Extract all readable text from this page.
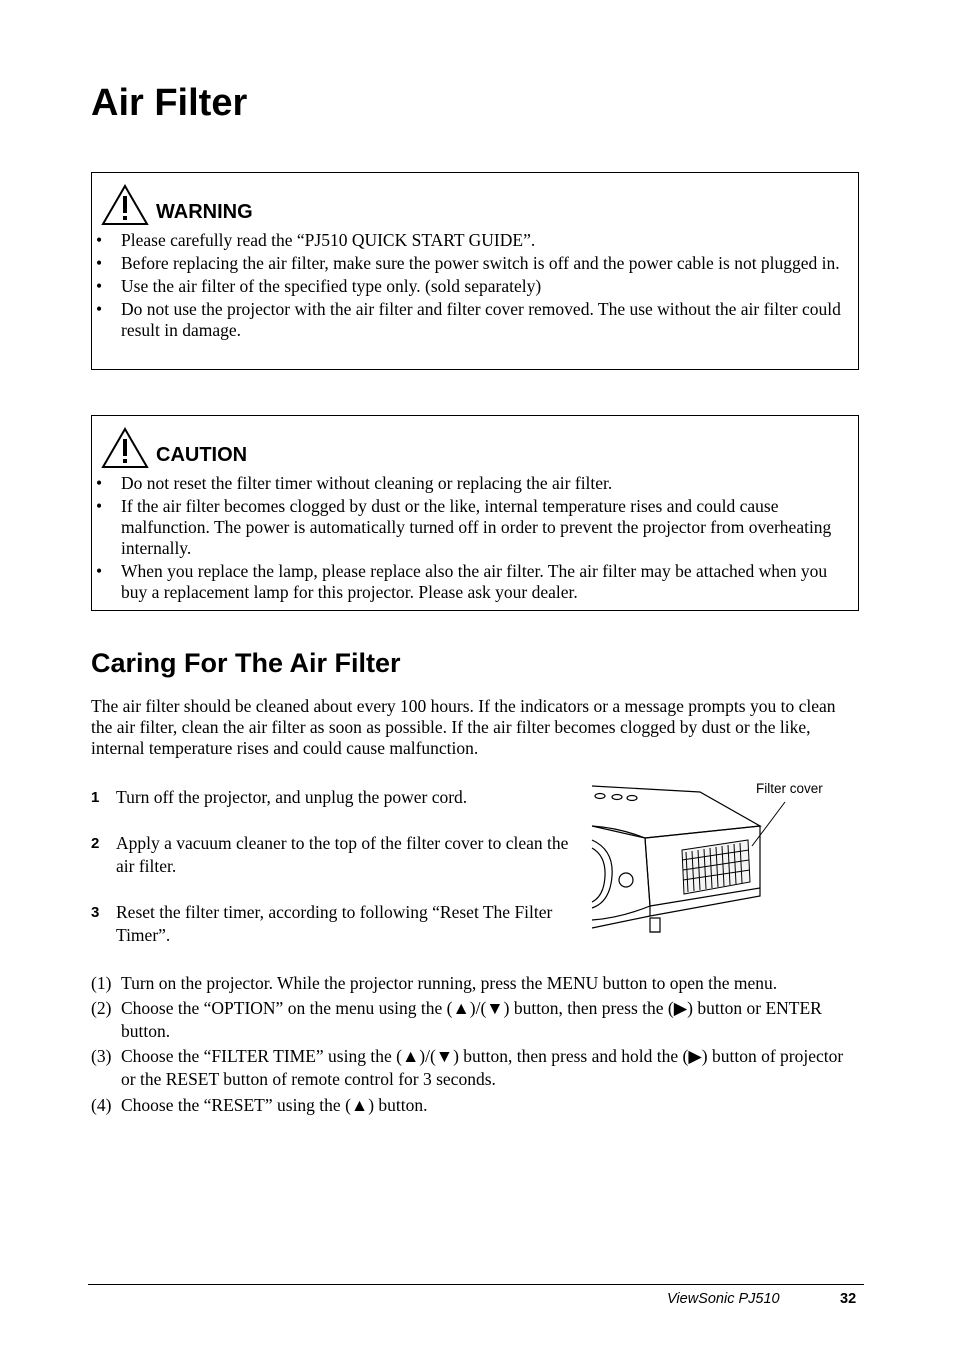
Air Filter
WARNING
• Please carefully read the “PJ510 QUICK START GUIDE”.
• Before replacing the air filter, make sure the power switch is off and the power cable is not plugged in.
• Use the air filter of the specified type only. (sold separately)
• Do not use the projector with the air filter and filter cover removed. The use without the air filter could result in damage.
CAUTION
• Do not reset the filter timer without cleaning or replacing the air filter.
• If the air filter becomes clogged by dust or the like, internal temperature rises and could cause malfunction. The power is automatically turned off in order to prevent the projector from overheating internally.
• When you replace the lamp, please replace also the air filter. The air filter may be attached when you buy a replacement lamp for this projector. Please ask your dealer.
Caring For The Air Filter

The air filter should be cleaned about every 100 hours. If the indicators or a message prompts you to clean the air filter, clean the air filter as soon as possible. If the air filter becomes clogged by dust or the like, internal temperature rises and could cause malfunction.

1 Turn off the projector, and unplug the power cord.
2 Apply a vacuum cleaner to the top of the filter cover to clean the air filter.
3 Reset the filter timer, according to following “Reset The Filter Timer”.
Filter cover
(1) Turn on the projector. While the projector running, press the MENU button to open the menu.
(2) Choose the “OPTION” on the menu using the (▲)/(▼) button, then press the (▶) button or ENTER button.
(3) Choose the “FILTER TIME” using the (▲)/(▼) button, then press and hold the (▶) button of projector or the RESET button of remote control for 3 seconds.
(4) Choose the “RESET” using the (▲) button.
ViewSonic PJ510	32
